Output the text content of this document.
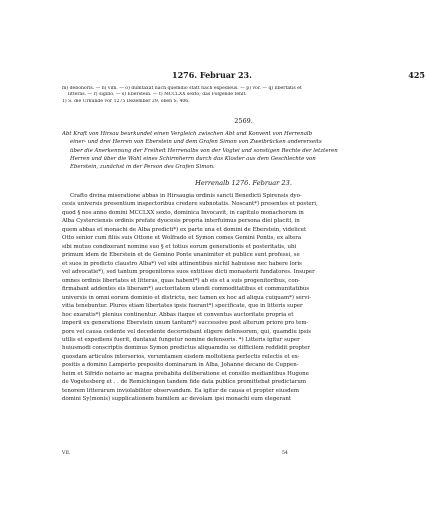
1276. Februar 23.	425
m) debonoris. — n) vim. — o) dumtaxat nach quemdio statt nach expedieus. — p) vor. — q) libertatis et
litteras. — r) sigillo. — s) Eberstein. — t) MCCLXX sexto; das Folgende fehlt.
1) S. die Urkunde vor 1275 Dezember 29, oben S. 406.
2569.
Abt Kraft von Hirsau beurkundet einen Vergleich zwischen Abt und Konvent von Herrenalb
einer- und drei Herren von Eberstein und dem Grafen Simon von Zweibrücken andererseits
über die Anerkennung der Freiheit Herrenalbs von der Vogtei und sonstigen Rechte der letzteren
Herren und über die Wahl eines Schirmherrn durch das Kloster aus dem Geschlechte von
Eberstein, zunächst in der Person des Grafen Simon.
Herrenalb 1276. Februar 23.
Crafto divina miseratione abbas in Hirsaugia ordinis sancti Benedicti Spirensis dyo-
cesis universis presentium inspectoribus credere subnotatis. Noscant*) presentes et posteri,
quod § nos anno domini MCCLXX sexto, dominica Invocavit, in capitulo monachorum in
Alba Cysterciensis ordinis prefate dyocesis propria interfuimus persona diei placiti, in
quem abbas et monachi de Alba predicti*) ex parte una et domini de Eberstein, videlicet
Otto senior cum filiis suis Ottone et Wolfrado et Symon comes Gemini Pontis, ex altera
sibi mutuo condixerant nomine suo § et totius eorum generationis et posteritatis, ubi
primum idem de Eberstein et de Gemino Ponte unanimiter et publice sunt professi, se
et suos in predicto claustro Alba*) vel sibi attinentibus nichil habuisse nec habere loris
vel advocatie*), sed tantum progenitores suos extitisse dicti monasterii fundatores. Insuper
omnes ordinis libertates et litteras, quas habent*) ab eis et a suis progenitoribus, con-
firmabant addentes eis liberam*) auctoritatem utendi commoditatibus et communitatibus
universis in omni eorum dominio et districtu, nec tamen ex hoc ad aliqua cuiquam*) servi-
vitia tenebuntur. Plures etiam libertates ipsis fuerant*) specificate, que in litteris super
hoc exaratis*) plenius continentur. Abbas itaque et conventus auctoritate propria et
imperii ex generatione Eberstein unum tantum*) successive post alterum priore pro tem-
pore vel causa cedente vel decedente decernebant eligere defensorem, qui, quamdiu ipsis
utilis et expediens fuerit, duntaxat fungetur nomine defensoris. *) Litteris igitur super
huiusmodi conscriptis dominus Symon predictus aliquamdiu se difficilem reddidit propter
quosdam articulos interserios, verumtamen eisdem moltotiens perlectis relectis et ex-
positis a domino Lamperto preposito dominarum in Alba, Johanne decano de Cuppen-
heim et Sifrido notario ac magna prehabita deliberatione et consilio mediantibus Hugone
de Vogetesberg et . . de Remichingen tandem fide data publice promittebat predictarum
tenorem litterarum inviolabiliter observandum. Ea igitur de causa et propter eiusdem
domini Sy(monis) supplicationem humilem ac devolam ipsi monachi eum elegerant
VII.	54
